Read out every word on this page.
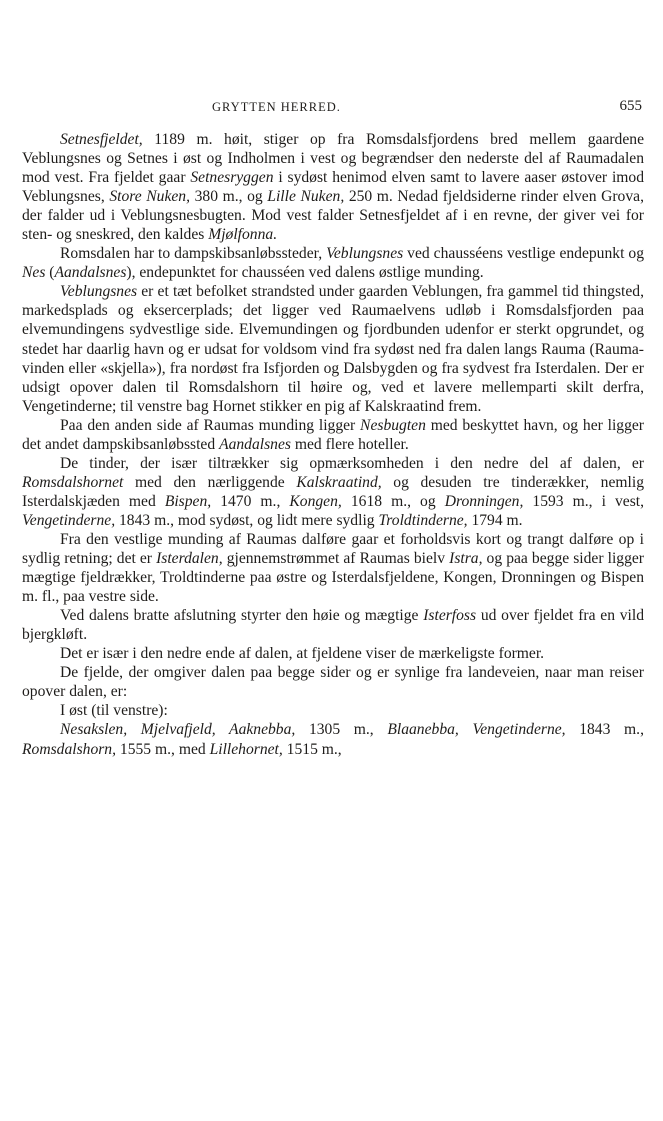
GRYTTEN HERRED.	655

Setnesfjeldet, 1189 m. høit, stiger op fra Romsdalsfjordens bred mellem gaardene Veblungsnes og Setnes i øst og Indholmen i vest og begrændser den nederste del af Raumadalen mod vest. Fra fjeldet gaar Setnesryggen i sydøst henimod elven samt to lavere aaser østover imod Veblungsnes, Store Nuken, 380 m., og Lille Nuken, 250 m. Nedad fjeldsiderne rinder elven Grova, der falder ud i Veblungsnesbugten. Mod vest falder Setnesfjeldet af i en revne, der giver vei for sten- og sneskred, den kaldes Mjølfonna.

Romsdalen har to dampskibsanløbssteder, Veblungsnes ved chausséens vestlige endepunkt og Nes (Aandalsnes), endepunktet for chausséen ved dalens østlige munding.

Veblungsnes er et tæt befolket strandsted under gaarden Veblungen, fra gammel tid thingsted, markedsplads og eksercerplads; det ligger ved Raumaelvens udløb i Romsdalsfjorden paa elvemundingens sydvestlige side. Elvemundingen og fjordbunden udenfor er sterkt opgrundet, og stedet har daarlig havn og er udsat for voldsom vind fra sydøst ned fra dalen langs Rauma (Rauma-vinden eller «skjella»), fra nordøst fra Isfjorden og Dalsbygden og fra sydvest fra Isterdalen. Der er udsigt opover dalen til Romsdalshorn til høire og, ved et lavere mellemparti skilt derfra, Vengetinderne; til venstre bag Hornet stikker en pig af Kalskraatind frem.

Paa den anden side af Raumas munding ligger Nesbugten med beskyttet havn, og her ligger det andet dampskibsanløbssted Aandalsnes med flere hoteller.

De tinder, der især tiltrækker sig opmærksomheden i den nedre del af dalen, er Romsdalshornet med den nærliggende Kalskraatind, og desuden tre tinderækker, nemlig Isterdalskjæden med Bispen, 1470 m., Kongen, 1618 m., og Dronningen, 1593 m., i vest, Vengetinderne, 1843 m., mod sydøst, og lidt mere sydlig Troldtinderne, 1794 m.

Fra den vestlige munding af Raumas dalføre gaar et forholdsvis kort og trangt dalføre op i sydlig retning; det er Isterdalen, gjennemstrømmet af Raumas bielv Istra, og paa begge sider ligger mægtige fjeldrækker, Troldtinderne paa østre og Isterdalsfjeldene, Kongen, Dronningen og Bispen m. fl., paa vestre side.

Ved dalens bratte afslutning styrter den høie og mægtige Isterfoss ud over fjeldet fra en vild bjergkløft.

Det er især i den nedre ende af dalen, at fjeldene viser de mærkeligste former.

De fjelde, der omgiver dalen paa begge sider og er synlige fra landeveien, naar man reiser opover dalen, er:

I øst (til venstre):

Nesakslen, Mjelvafjeld, Aaknebba, 1305 m., Blaanebba, Vengetinderne, 1843 m., Romsdalshorn, 1555 m., med Lillehornet, 1515 m.,
